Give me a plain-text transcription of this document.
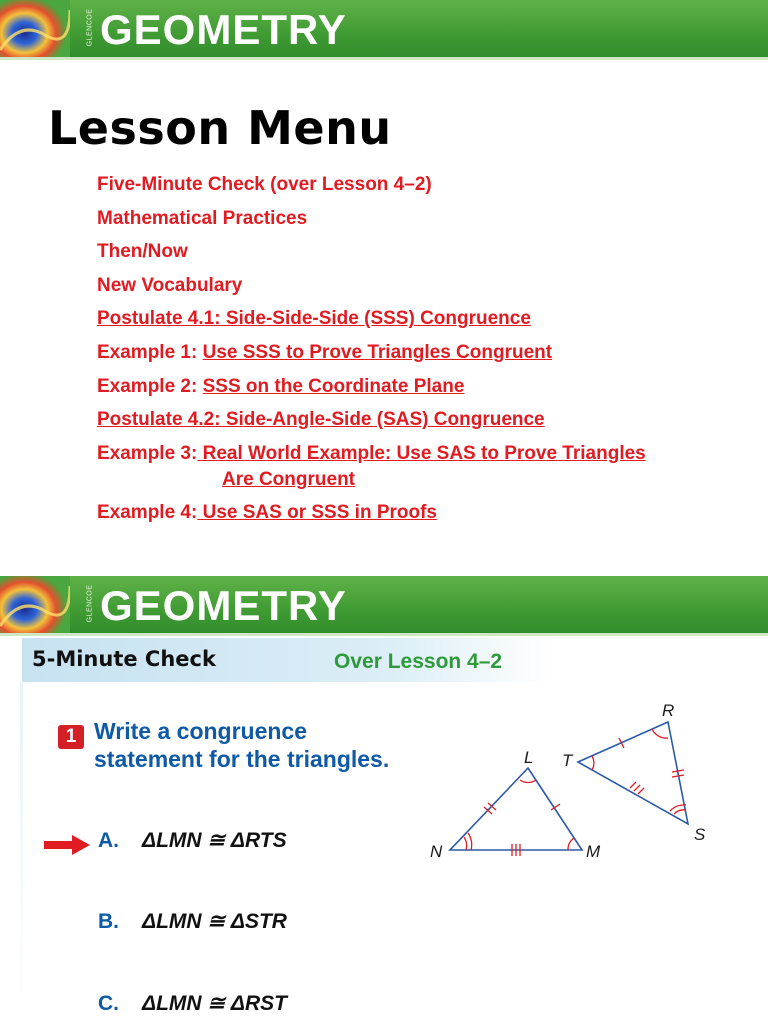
GLENCOE GEOMETRY
Lesson Menu
Five-Minute Check (over Lesson 4–2)
Mathematical Practices
Then/Now
New Vocabulary
Postulate 4.1: Side-Side-Side (SSS) Congruence
Example 1: Use SSS to Prove Triangles Congruent
Example 2: SSS on the Coordinate Plane
Postulate 4.2: Side-Angle-Side (SAS) Congruence
Example 3: Real World Example: Use SAS to Prove Triangles
Are Congruent
Example 4: Use SAS or SSS in Proofs
GLENCOE GEOMETRY
5-Minute Check	Over Lesson 4–2
1 Write a congruence statement for the triangles.
A. ΔLMN ≅ ΔRTS
B. ΔLMN ≅ ΔSTR
C. ΔLMN ≅ ΔRST
L
M
N
R
T
S
